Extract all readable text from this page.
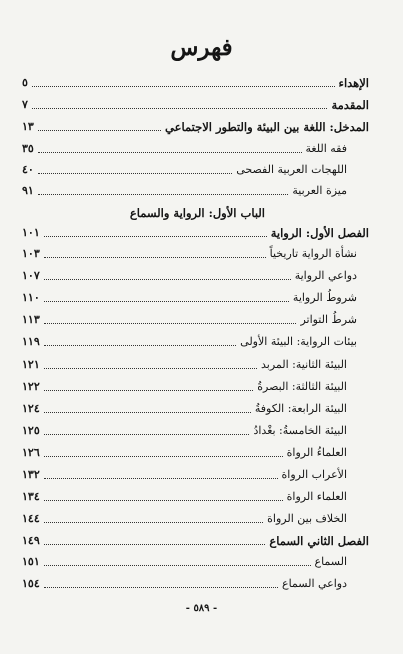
فهرس
الإهداء
٥
المقدمة
٧
المدخل: اللغة بين البيئة والتطور الاجتماعي
١٣
فقه اللغة
٣٥
اللهجات العربية الفصحى
٤٠
ميزة العربية
٩١
الباب الأول: الرواية والسماع
الفصل الأول: الرواية
١٠١
نشأة الرواية تاريخياً
١٠٣
دواعي الرواية
١٠٧
شروطُ الرواية
١١٠
شرطُ التواتر
١١٣
بيئات الرواية: البيئة الأولى
١١٩
البيئة الثانية: المربد
١٢١
البيئة الثالثة: البصرةُ
١٢٢
البيئة الرابعة: الكوفةُ
١٢٤
البيئة الخامسةُ: بغْدادُ
١٢٥
العلماءُ الرواة
١٢٦
الأعراب الرواة
١٣٢
العلماء الرواة
١٣٤
الخلاف بين الرواة
١٤٤
الفصل الثاني السماع
١٤٩
السماع
١٥١
دواعي السماع
١٥٤
- ٥٨٩ -
